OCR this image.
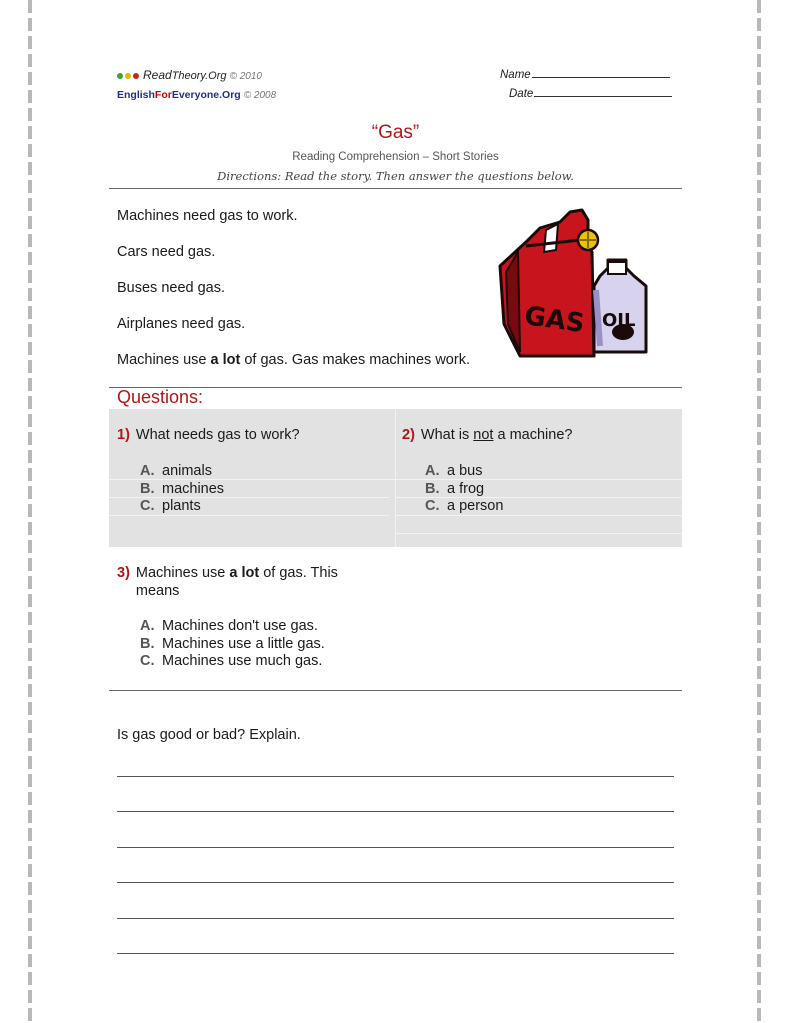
ReadTheory.Org © 2010
EnglishForEveryone.Org © 2008
Name
Date
“Gas”
Reading Comprehension – Short Stories
Directions: Read the story. Then answer the questions below.

Machines need gas to work.

Cars need gas.

Buses need gas.

Airplanes need gas.

Machines use a lot of gas. Gas makes machines work.

GAS OIL
Questions:
1) What needs gas to work?
A. animals
B. machines
C. plants
2) What is not a machine?
A. a bus
B. a frog
C. a person
3) Machines use a lot of gas. This
means
A. Machines don't use gas.
B. Machines use a little gas.
C. Machines use much gas.
Is gas good or bad? Explain.
